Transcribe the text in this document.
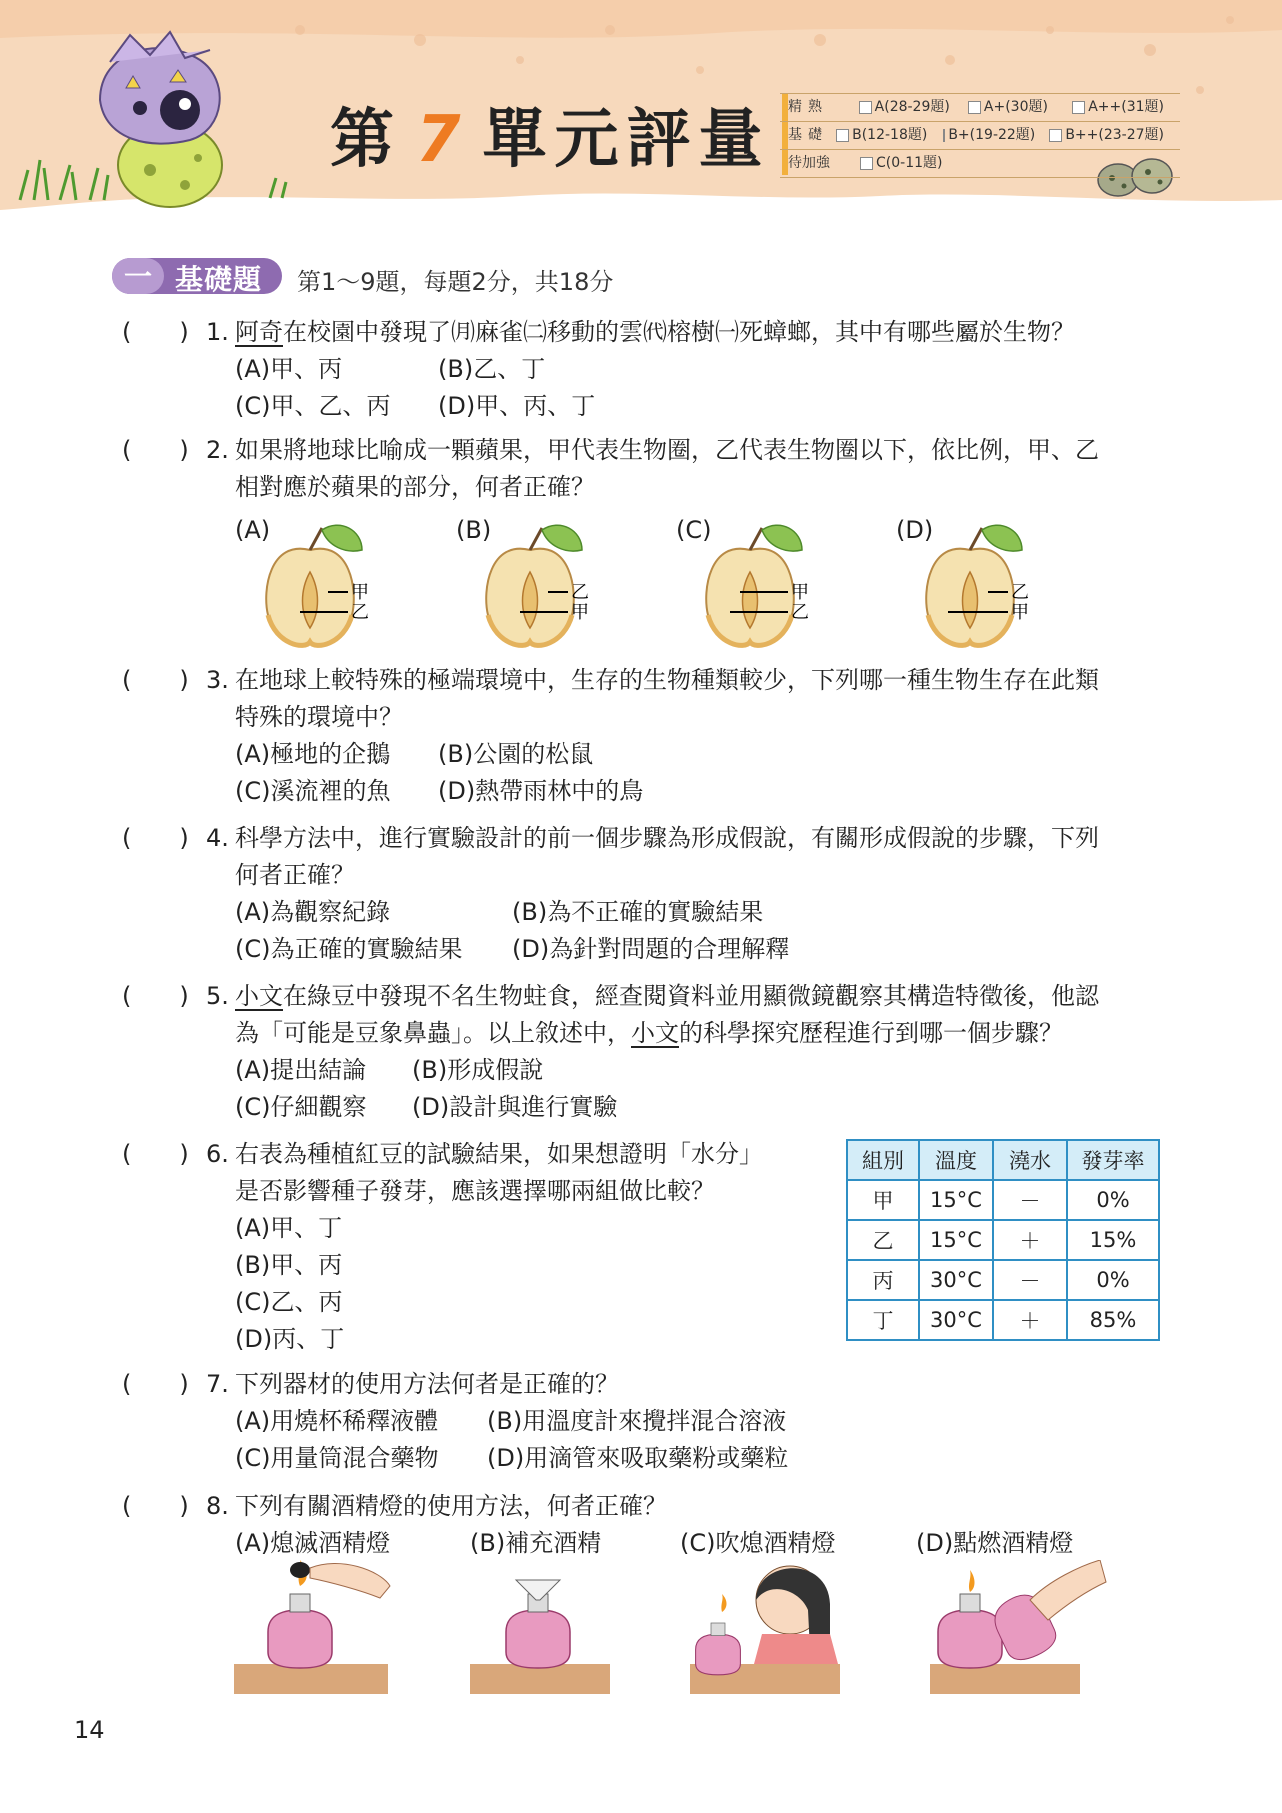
第 7 單元評量	精熟	A(28-29題) A+(30題)	A++(31題)
基礎	B(12-18題) B+(19-22題) B++(23-27題)
待加強	C(0-11題)
一 基礎題 第1～9題，每題2分，共18分
(　　) 1. 阿奇在校園中發現了㈪麻雀㈡移動的雲㈹榕樹㈠死蟑螂，其中有哪些屬於生物？
(A)甲、丙	(B)乙、丁
(C)甲、乙、丙 (D)甲、丙、丁
(　　) 2. 如果將地球比喻成一顆蘋果，甲代表生物圈，乙代表生物圈以下，依比例，甲、乙
相對應於蘋果的部分，何者正確？
(A)	(B)	(C)	(D)
甲
乙
乙
甲
甲
乙
乙
甲
(　　) 3. 在地球上較特殊的極端環境中，生存的生物種類較少，下列哪一種生物生存在此類
特殊的環境中？
(A)極地的企鵝 (B)公園的松鼠
(C)溪流裡的魚 (D)熱帶雨林中的鳥
(　　) 4. 科學方法中，進行實驗設計的前一個步驟為形成假說，有關形成假說的步驟，下列
何者正確？
(A)為觀察紀錄	(B)為不正確的實驗結果
(C)為正確的實驗結果 (D)為針對問題的合理解釋
(　　) 5. 小文在綠豆中發現不名生物蛀食，經查閱資料並用顯微鏡觀察其構造特徵後，他認
為「可能是豆象鼻蟲」。以上敘述中，小文的科學探究歷程進行到哪一個步驟？
(A)提出結論 (B)形成假說
(C)仔細觀察 (D)設計與進行實驗
(　　) 6. 右表為種植紅豆的試驗結果，如果想證明「水分」
是否影響種子發芽，應該選擇哪兩組做比較？
(A)甲、丁
(B)甲、丙
(C)乙、丙
(D)丙、丁
組別	溫度	澆水	發芽率
甲	15°C	－	0%
乙	15°C	＋	15%
丙	30°C	－	0%
丁	30°C	＋	85%
(　　) 7. 下列器材的使用方法何者是正確的？
(A)用燒杯稀釋液體 (B)用溫度計來攪拌混合溶液
(C)用量筒混合藥物 (D)用滴管來吸取藥粉或藥粒
(　　) 8. 下列有關酒精燈的使用方法，何者正確？
(A)熄滅酒精燈	(B)補充酒精	(C)吹熄酒精燈	(D)點燃酒精燈
14
